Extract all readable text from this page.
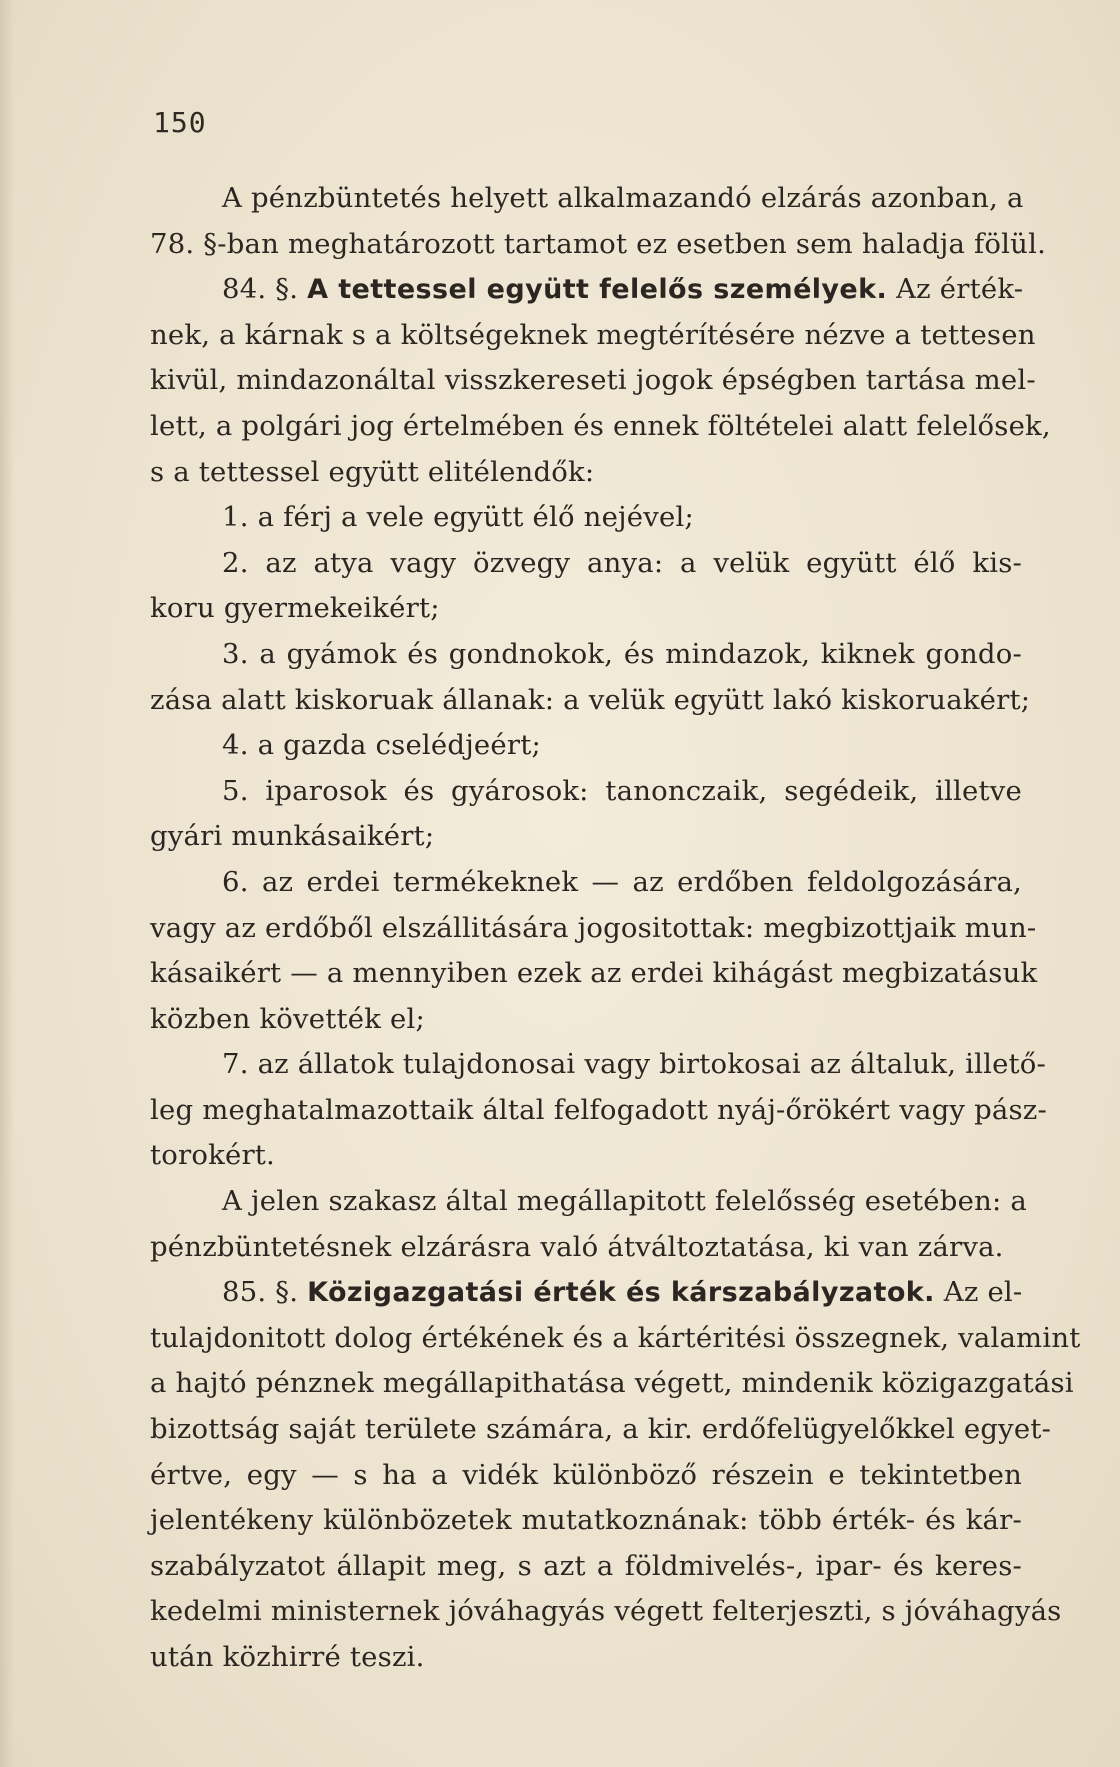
150
A pénzbüntetés helyett alkalmazandó elzárás azonban, a
78. §-ban meghatározott tartamot ez esetben sem haladja fölül.
84. §. A tettessel együtt felelős személyek. Az érték-
nek, a kárnak s a költségeknek megtérítésére nézve a tettesen
kivül, mindazonáltal visszkereseti jogok épségben tartása mel-
lett, a polgári jog értelmében és ennek föltételei alatt felelősek,
s a tettessel együtt elitélendők:
1. a férj a vele együtt élő nejével;
2. az atya vagy özvegy anya: a velük együtt élő kis-
koru gyermekeikért;
3. a gyámok és gondnokok, és mindazok, kiknek gondo-
zása alatt kiskoruak állanak: a velük együtt lakó kiskoruakért;
4. a gazda cselédjeért;
5. iparosok és gyárosok: tanonczaik, segédeik, illetve
gyári munkásaikért;
6. az erdei termékeknek — az erdőben feldolgozására,
vagy az erdőből elszállitására jogositottak: megbizottjaik mun-
kásaikért — a mennyiben ezek az erdei kihágást megbizatásuk
közben követték el;
7. az állatok tulajdonosai vagy birtokosai az általuk, illető-
leg meghatalmazottaik által felfogadott nyáj-őrökért vagy pász-
torokért.
A jelen szakasz által megállapitott felelősség esetében: a
pénzbüntetésnek elzárásra való átváltoztatása, ki van zárva.
85. §. Közigazgatási érték és kárszabályzatok. Az el-
tulajdonitott dolog értékének és a kártéritési összegnek, valamint
a hajtó pénznek megállapithatása végett, mindenik közigazgatási
bizottság saját területe számára, a kir. erdőfelügyelőkkel egyet-
értve, egy — s ha a vidék különböző részein e tekintetben
jelentékeny különbözetek mutatkoznának: több érték- és kár-
szabályzatot állapit meg, s azt a földmivelés-, ipar- és keres-
kedelmi ministernek jóváhagyás végett felterjeszti, s jóváhagyás
után közhirré teszi.
